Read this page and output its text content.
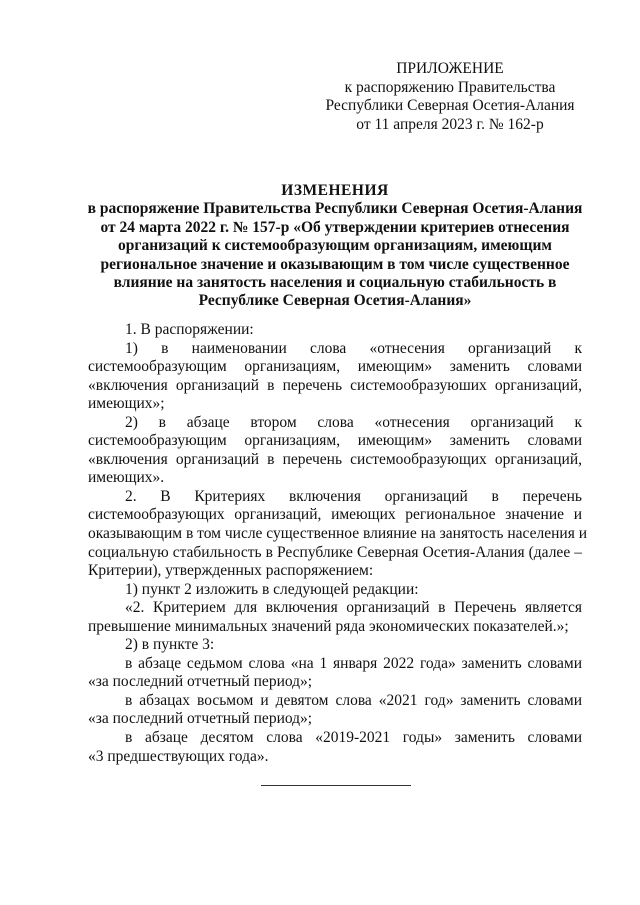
ПРИЛОЖЕНИЕ
к распоряжению Правительства
Республики Северная Осетия-Алания
от 11 апреля 2023 г. № 162-р
ИЗМЕНЕНИЯ
в распоряжение Правительства Республики Северная Осетия-Алания
от 24 марта 2022 г. № 157-р «Об утверждении критериев отнесения
организаций к системообразующим организациям, имеющим
региональное значение и оказывающим в том числе существенное
влияние на занятость населения и социальную стабильность в
Республике Северная Осетия-Алания»
1. В распоряжении:
1) в наименовании слова «отнесения организаций к
системообразующим организациям, имеющим» заменить словами
«включения организаций в перечень системообразуюших организаций,
имеющих»;
2) в абзаце втором слова «отнесения организаций к
системообразующим организациям, имеющим» заменить словами
«включения организаций в перечень системообразующих организаций,
имеющих».
2. В Критериях включения организаций в перечень
системообразующих организаций, имеющих региональное значение и
оказывающим в том числе существенное влияние на занятость населения и
социальную стабильность в Республике Северная Осетия-Алания (далее –
Критерии), утвержденных распоряжением:
1) пункт 2 изложить в следующей редакции:
«2. Критерием для включения организаций в Перечень является
превышение минимальных значений ряда экономических показателей.»;
2) в пункте 3:
в абзаце седьмом слова «на 1 января 2022 года» заменить словами
«за последний отчетный период»;
в абзацах восьмом и девятом слова «2021 год» заменить словами
«за последний отчетный период»;
в абзаце десятом слова «2019-2021 годы» заменить словами
«3 предшествующих года».
